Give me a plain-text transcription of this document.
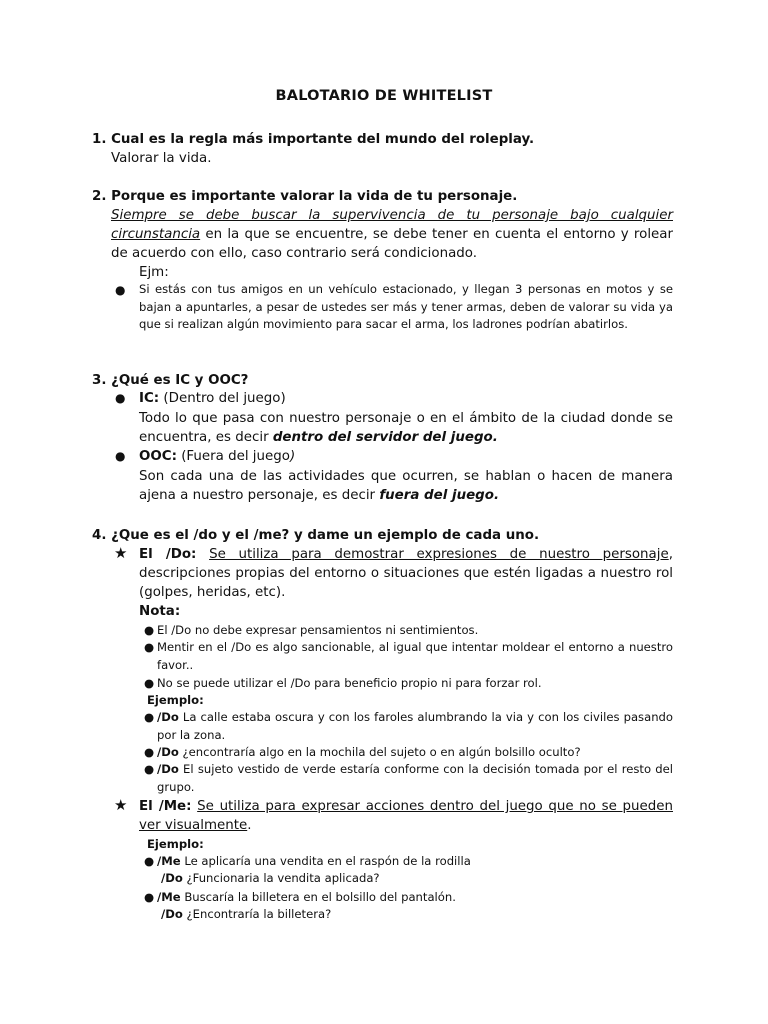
BALOTARIO DE WHITELIST
1. Cual es la regla más importante del mundo del roleplay.
Valorar la vida.
2. Porque es importante valorar la vida de tu personaje.
Siempre se debe buscar la supervivencia de tu personaje bajo cualquier circunstancia en la que se encuentre, se debe tener en cuenta el entorno y rolear de acuerdo con ello, caso contrario será condicionado.
Ejm:
● Si estás con tus amigos en un vehículo estacionado, y llegan 3 personas en motos y se bajan a apuntarles, a pesar de ustedes ser más y tener armas, deben de valorar su vida ya que si realizan algún movimiento para sacar el arma, los ladrones podrían abatirlos.
3. ¿Qué es IC y OOC?
● IC: (Dentro del juego)
Todo lo que pasa con nuestro personaje o en el ámbito de la ciudad donde se encuentra, es decir dentro del servidor del juego.
● OOC: (Fuera del juego)
Son cada una de las actividades que ocurren, se hablan o hacen de manera ajena a nuestro personaje, es decir fuera del juego.
4. ¿Que es el /do y el /me? y dame un ejemplo de cada uno.
★ El /Do: Se utiliza para demostrar expresiones de nuestro personaje, descripciones propias del entorno o situaciones que estén ligadas a nuestro rol (golpes, heridas, etc).
Nota:
● El /Do no debe expresar pensamientos ni sentimientos.
● Mentir en el /Do es algo sancionable, al igual que intentar moldear el entorno a nuestro favor..
● No se puede utilizar el /Do para beneficio propio ni para forzar rol.
Ejemplo:
● /Do La calle estaba oscura y con los faroles alumbrando la via y con los civiles pasando por la zona.
● /Do ¿encontraría algo en la mochila del sujeto o en algún bolsillo oculto?
● /Do El sujeto vestido de verde estaría conforme con la decisión tomada por el resto del grupo.
★ El /Me: Se utiliza para expresar acciones dentro del juego que no se pueden ver visualmente.
Ejemplo:
● /Me Le aplicaría una vendita en el raspón de la rodilla
/Do ¿Funcionaria la vendita aplicada?
● /Me Buscaría la billetera en el bolsillo del pantalón.
/Do ¿Encontraría la billetera?
